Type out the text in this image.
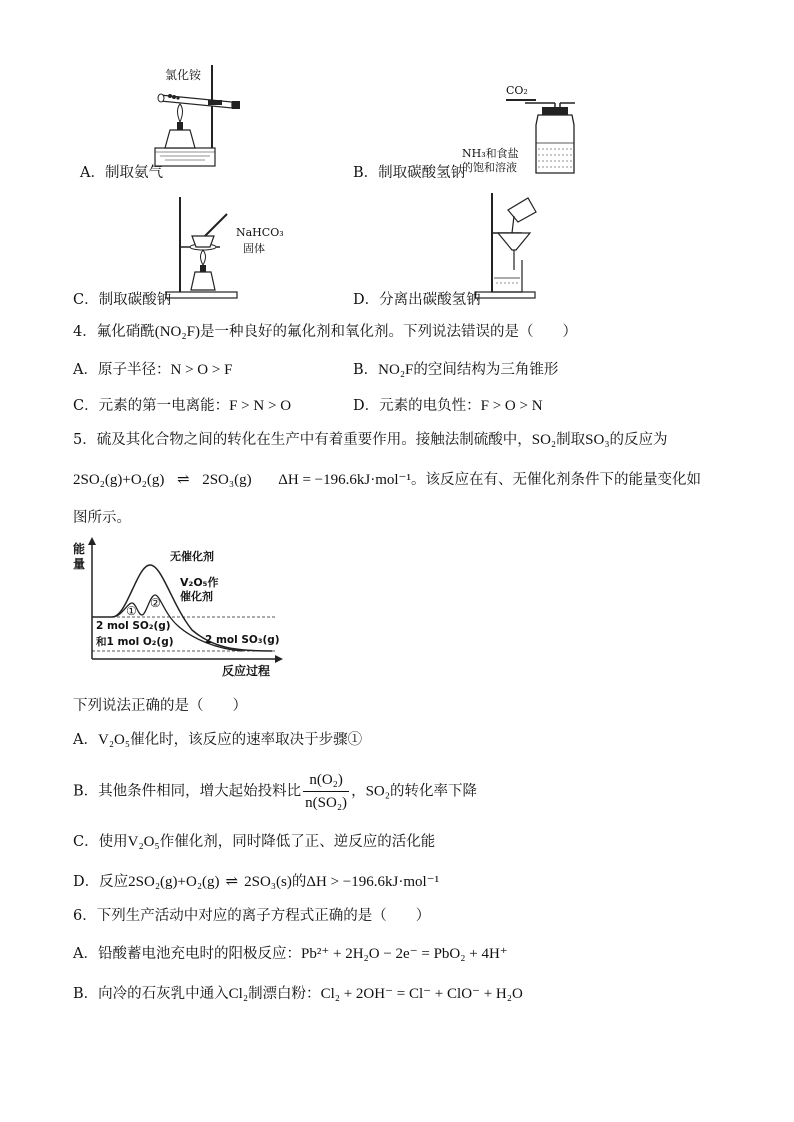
氯化铵
A．制取氨气
CO₂
NH₃和食盐
的饱和溶液
B．制取碳酸氢钠
NaHCO₃
固体
C．制取碳酸钠	D．分离出碳酸氢钠
4．氟化硝酰(NO₂F)是一种良好的氟化剂和氧化剂。下列说法错误的是（　　）
A．原子半径：N > O > F	B．NO₂F的空间结构为三角锥形
C．元素的第一电离能：F > N > O	D．元素的电负性：F > O > N
5．硫及其化合物之间的转化在生产中有着重要作用。接触法制硫酸中，SO₂制取SO₃的反应为
2SO₂(g)+O₂(g) ⇌ 2SO₃(g) ΔH = −196.6kJ·mol⁻¹。该反应在有、无催化剂条件下的能量变化如
图所示。
能
量
无催化剂
V₂O₅作
催化剂
①
②
2 mol SO₂(g)
和1 mol O₂(g)	2 mol SO₃(g)
反应过程
下列说法正确的是（　　）
A．V₂O₅催化时，该反应的速率取决于步骤①
B．其他条件相同，增大起始投料比 $\frac{\text{n(O₂)}}{\text{n(SO₂)}}$ ，SO₂的转化率下降
C．使用V₂O₅作催化剂，同时降低了正、逆反应的活化能
D．反应2SO₂(g)+O₂(g) ⇌ 2SO₃(s)的ΔH > −196.6kJ·mol⁻¹
6．下列生产活动中对应的离子方程式正确的是（　　）
A．铅酸蓄电池充电时的阳极反应：Pb²⁺ + 2H₂O − 2e⁻ = PbO₂ + 4H⁺
B．向冷的石灰乳中通入Cl₂制漂白粉：Cl₂ + 2OH⁻ = Cl⁻ + ClO⁻ + H₂O
